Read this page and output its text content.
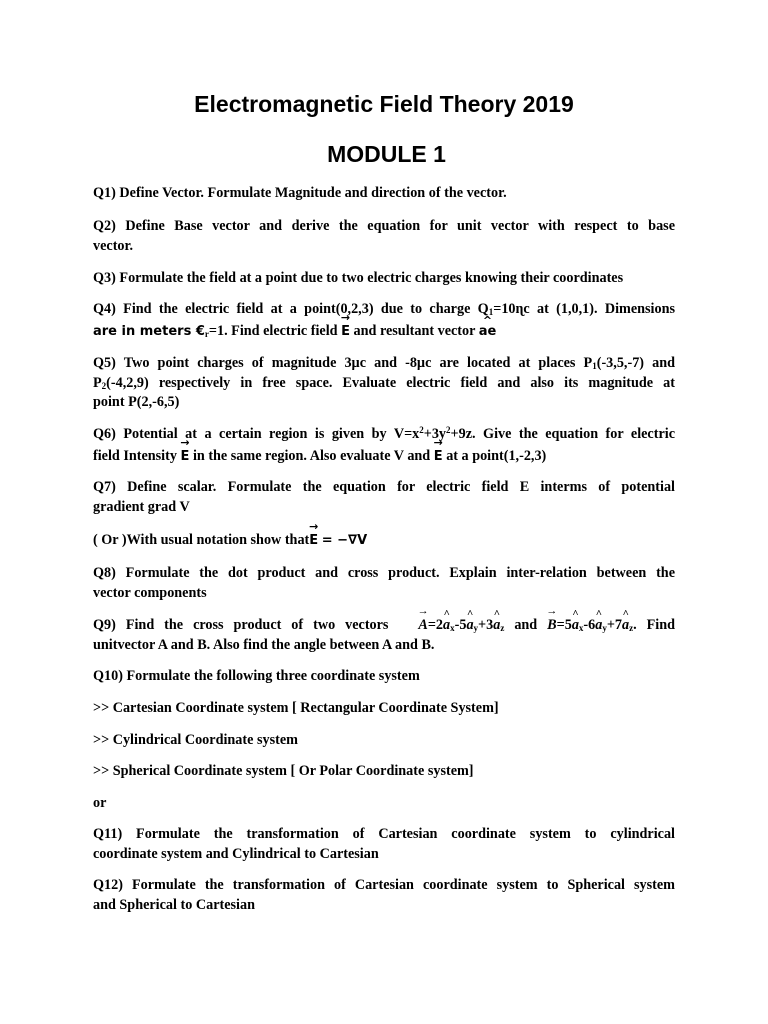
Electromagnetic Field Theory 2019
MODULE 1

Q1) Define Vector. Formulate Magnitude and direction of the vector.

Q2) Define Base vector and derive the equation for unit vector with respect to base
vector.

Q3) Formulate the field at a point due to two electric charges knowing their coordinates

Q4) Find the electric field at a point(0,2,3) due to charge $Q_1=10ɳc$ at (1,0,1). Dimensions
are in meters $€_r=1$. Find electric field → E and resultant vector ^ ae

Q5) Two point charges of magnitude 3µc and -8µc are located at places $P_1(-3,5,-7)$ and
$P_2(-4,2,9)$ respectively in free space. Evaluate electric field and also its magnitude at
point P(2,-6,5)

Q6) Potential at a certain region is given by $V=x^2+3y^2+9z$. Give the equation for electric
field Intensity → E in the same region. Also evaluate V and → E at a point(1,-2,3)

Q7) Define scalar. Formulate the equation for electric field E interms of potential
gradient grad V

( Or )With usual notation show that→ E = −∇V

Q8) Formulate the dot product and cross product. Explain inter-relation between the
vector components

Q9) Find the cross product of two vectors → A=2^ $a_x-5\^{}$ $a_y+3\^{}$ $a_z$ and → B=5^ $a_x-6\^{}$ $a_y+7\^{}$ $a_z$. Find
unitvector A and B. Also find the angle between A and B.

Q10) Formulate the following three coordinate system

>> Cartesian Coordinate system [ Rectangular Coordinate System]

>> Cylindrical Coordinate system

>> Spherical Coordinate system [ Or Polar Coordinate system]

or

Q11) Formulate the transformation of Cartesian coordinate system to cylindrical
coordinate system and Cylindrical to Cartesian

Q12) Formulate the transformation of Cartesian coordinate system to Spherical system
and Spherical to Cartesian
